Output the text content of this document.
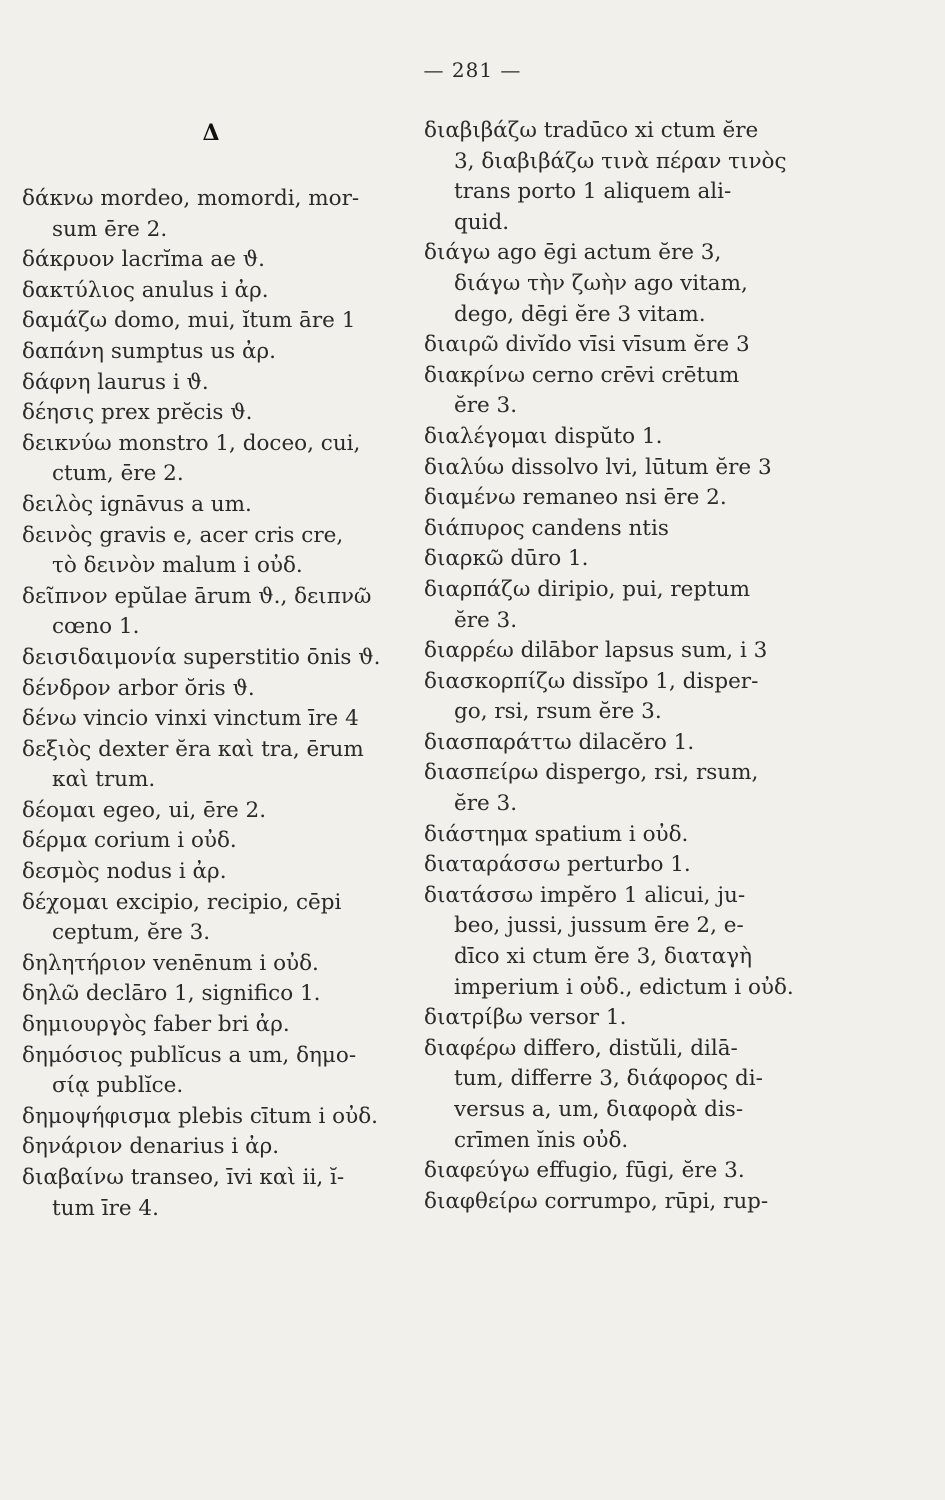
— 281 —
Δ
δάκνω mordeo, momordi, mor-
sum ēre 2.
δάκρυον lacrĭma ae ϑ.
δακτύλιος anulus i ἀρ.
δαμάζω domo, mui, ĭtum āre 1
δαπάνη sumptus us ἀρ.
δάφνη laurus i ϑ.
δέησις prex prĕcis ϑ.
δεικνύω monstro 1, doceo, cui,
ctum, ēre 2.
δειλὸς ignāvus a um.
δεινὸς gravis e, acer cris cre,
τὸ δεινὸν malum i οὐδ.
δεῖπνον epŭlae ārum ϑ., δειπνῶ
cœno 1.
δεισιδαιμονία superstitio ōnis ϑ.
δένδρον arbor ŏris ϑ.
δένω vincio vinxi vinctum īre 4
δεξιὸς dexter ĕra καὶ tra, ērum
καὶ trum.
δέομαι egeo, ui, ēre 2.
δέρμα corium i οὐδ.
δεσμὸς nodus i ἀρ.
δέχομαι excipio, recipio, cēpi
ceptum, ĕre 3.
δηλητήριον venēnum i οὐδ.
δηλῶ declāro 1, significo 1.
δημιουργὸς faber bri ἀρ.
δημόσιος publĭcus a um, δημο-
σίᾳ publĭce.
δημοψήφισμα plebis cītum i οὐδ.
δηνάριον denarius i ἀρ.
διαβαίνω transeo, īvi καὶ ii, ĭ-
tum īre 4.
διαβιβάζω tradūco xi ctum ĕre
3, διαβιβάζω τινὰ πέραν τινὸς
trans porto 1 aliquem ali-
quid.
διάγω ago ēgi actum ĕre 3,
διάγω τὴν ζωὴν ago vitam,
dego, dēgi ĕre 3 vitam.
διαιρῶ divĭdo vīsi vīsum ĕre 3
διακρίνω cerno crēvi crētum
ĕre 3.
διαλέγομαι dispŭto 1.
διαλύω dissolvo lvi, lūtum ĕre 3
διαμένω remaneo nsi ēre 2.
διάπυρος candens ntis
διαρκῶ dūro 1.
διαρπάζω diripio, pui, reptum
ĕre 3.
διαρρέω dilābor lapsus sum, i 3
διασκορπίζω dissĭpo 1, disper-
go, rsi, rsum ĕre 3.
διασπαράττω dilacĕro 1.
διασπείρω dispergo, rsi, rsum,
ĕre 3.
διάστημα spatium i οὐδ.
διαταράσσω perturbo 1.
διατάσσω impĕro 1 alicui, ju-
beo, jussi, jussum ēre 2, e-
dīco xi ctum ĕre 3, διαταγὴ
imperium i οὐδ., edictum i οὐδ.
διατρίβω versor 1.
διαφέρω differo, distŭli, dilā-
tum, differre 3, διάφορος di-
versus a, um, διαφορὰ dis-
crīmen ĭnis οὐδ.
διαφεύγω effugio, fūgi, ĕre 3.
διαφθείρω corrumpo, rūpi, rup-
